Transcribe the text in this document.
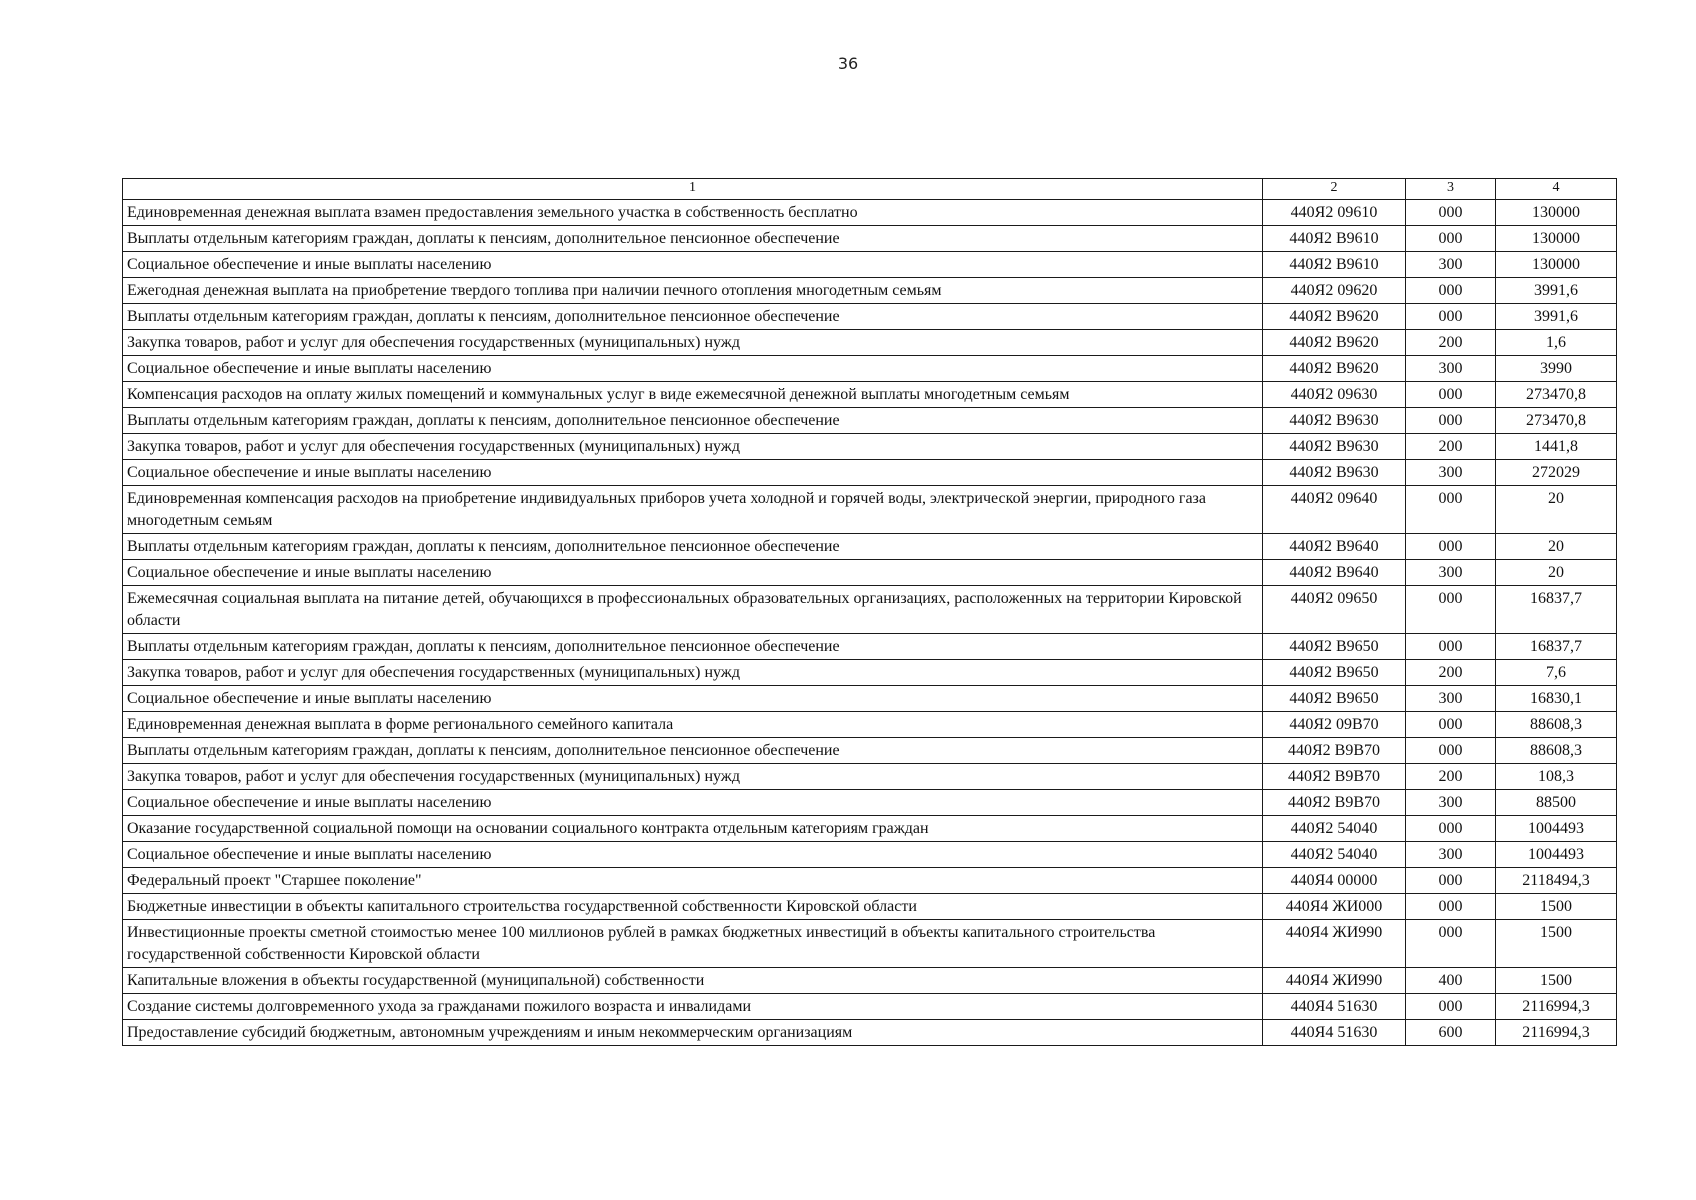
36
1	2	3	4
Единовременная денежная выплата взамен предоставления земельного участка в собственность бесплатно	440Я2 09610	000	130000
Выплаты отдельным категориям граждан, доплаты к пенсиям, дополнительное пенсионное обеспечение	440Я2 В9610	000	130000
Социальное обеспечение и иные выплаты населению	440Я2 В9610	300	130000
Ежегодная денежная выплата на приобретение твердого топлива при наличии печного отопления многодетным семьям	440Я2 09620	000	3991,6
Выплаты отдельным категориям граждан, доплаты к пенсиям, дополнительное пенсионное обеспечение	440Я2 В9620	000	3991,6
Закупка товаров, работ и услуг для обеспечения государственных (муниципальных) нужд	440Я2 В9620	200	1,6
Социальное обеспечение и иные выплаты населению	440Я2 В9620	300	3990
Компенсация расходов на оплату жилых помещений и коммунальных услуг в виде ежемесячной денежной выплаты многодетным семьям	440Я2 09630	000	273470,8
Выплаты отдельным категориям граждан, доплаты к пенсиям, дополнительное пенсионное обеспечение	440Я2 В9630	000	273470,8
Закупка товаров, работ и услуг для обеспечения государственных (муниципальных) нужд	440Я2 В9630	200	1441,8
Социальное обеспечение и иные выплаты населению	440Я2 В9630	300	272029
Единовременная компенсация расходов на приобретение индивидуальных приборов учета холодной и горячей воды, электрической энергии, природного газа многодетным семьям	440Я2 09640	000	20
Выплаты отдельным категориям граждан, доплаты к пенсиям, дополнительное пенсионное обеспечение	440Я2 В9640	000	20
Социальное обеспечение и иные выплаты населению	440Я2 В9640	300	20
Ежемесячная социальная выплата на питание детей, обучающихся в профессиональных образовательных организациях, расположенных на территории Кировской области	440Я2 09650	000	16837,7
Выплаты отдельным категориям граждан, доплаты к пенсиям, дополнительное пенсионное обеспечение	440Я2 В9650	000	16837,7
Закупка товаров, работ и услуг для обеспечения государственных (муниципальных) нужд	440Я2 В9650	200	7,6
Социальное обеспечение и иные выплаты населению	440Я2 В9650	300	16830,1
Единовременная денежная выплата в форме регионального семейного капитала	440Я2 09В70	000	88608,3
Выплаты отдельным категориям граждан, доплаты к пенсиям, дополнительное пенсионное обеспечение	440Я2 В9В70	000	88608,3
Закупка товаров, работ и услуг для обеспечения государственных (муниципальных) нужд	440Я2 В9В70	200	108,3
Социальное обеспечение и иные выплаты населению	440Я2 В9В70	300	88500
Оказание государственной социальной помощи на основании социального контракта отдельным категориям граждан	440Я2 54040	000	1004493
Социальное обеспечение и иные выплаты населению	440Я2 54040	300	1004493
Федеральный проект "Старшее поколение"	440Я4 00000	000	2118494,3
Бюджетные инвестиции в объекты капитального строительства государственной собственности Кировской области	440Я4 ЖИ000	000	1500
Инвестиционные проекты сметной стоимостью менее 100 миллионов рублей в рамках бюджетных инвестиций в объекты капитального строительства государственной собственности Кировской области	440Я4 ЖИ990	000	1500
Капитальные вложения в объекты государственной (муниципальной) собственности	440Я4 ЖИ990	400	1500
Создание системы долговременного ухода за гражданами пожилого возраста и инвалидами	440Я4 51630	000	2116994,3
Предоставление субсидий бюджетным, автономным учреждениям и иным некоммерческим организациям	440Я4 51630	600	2116994,3
